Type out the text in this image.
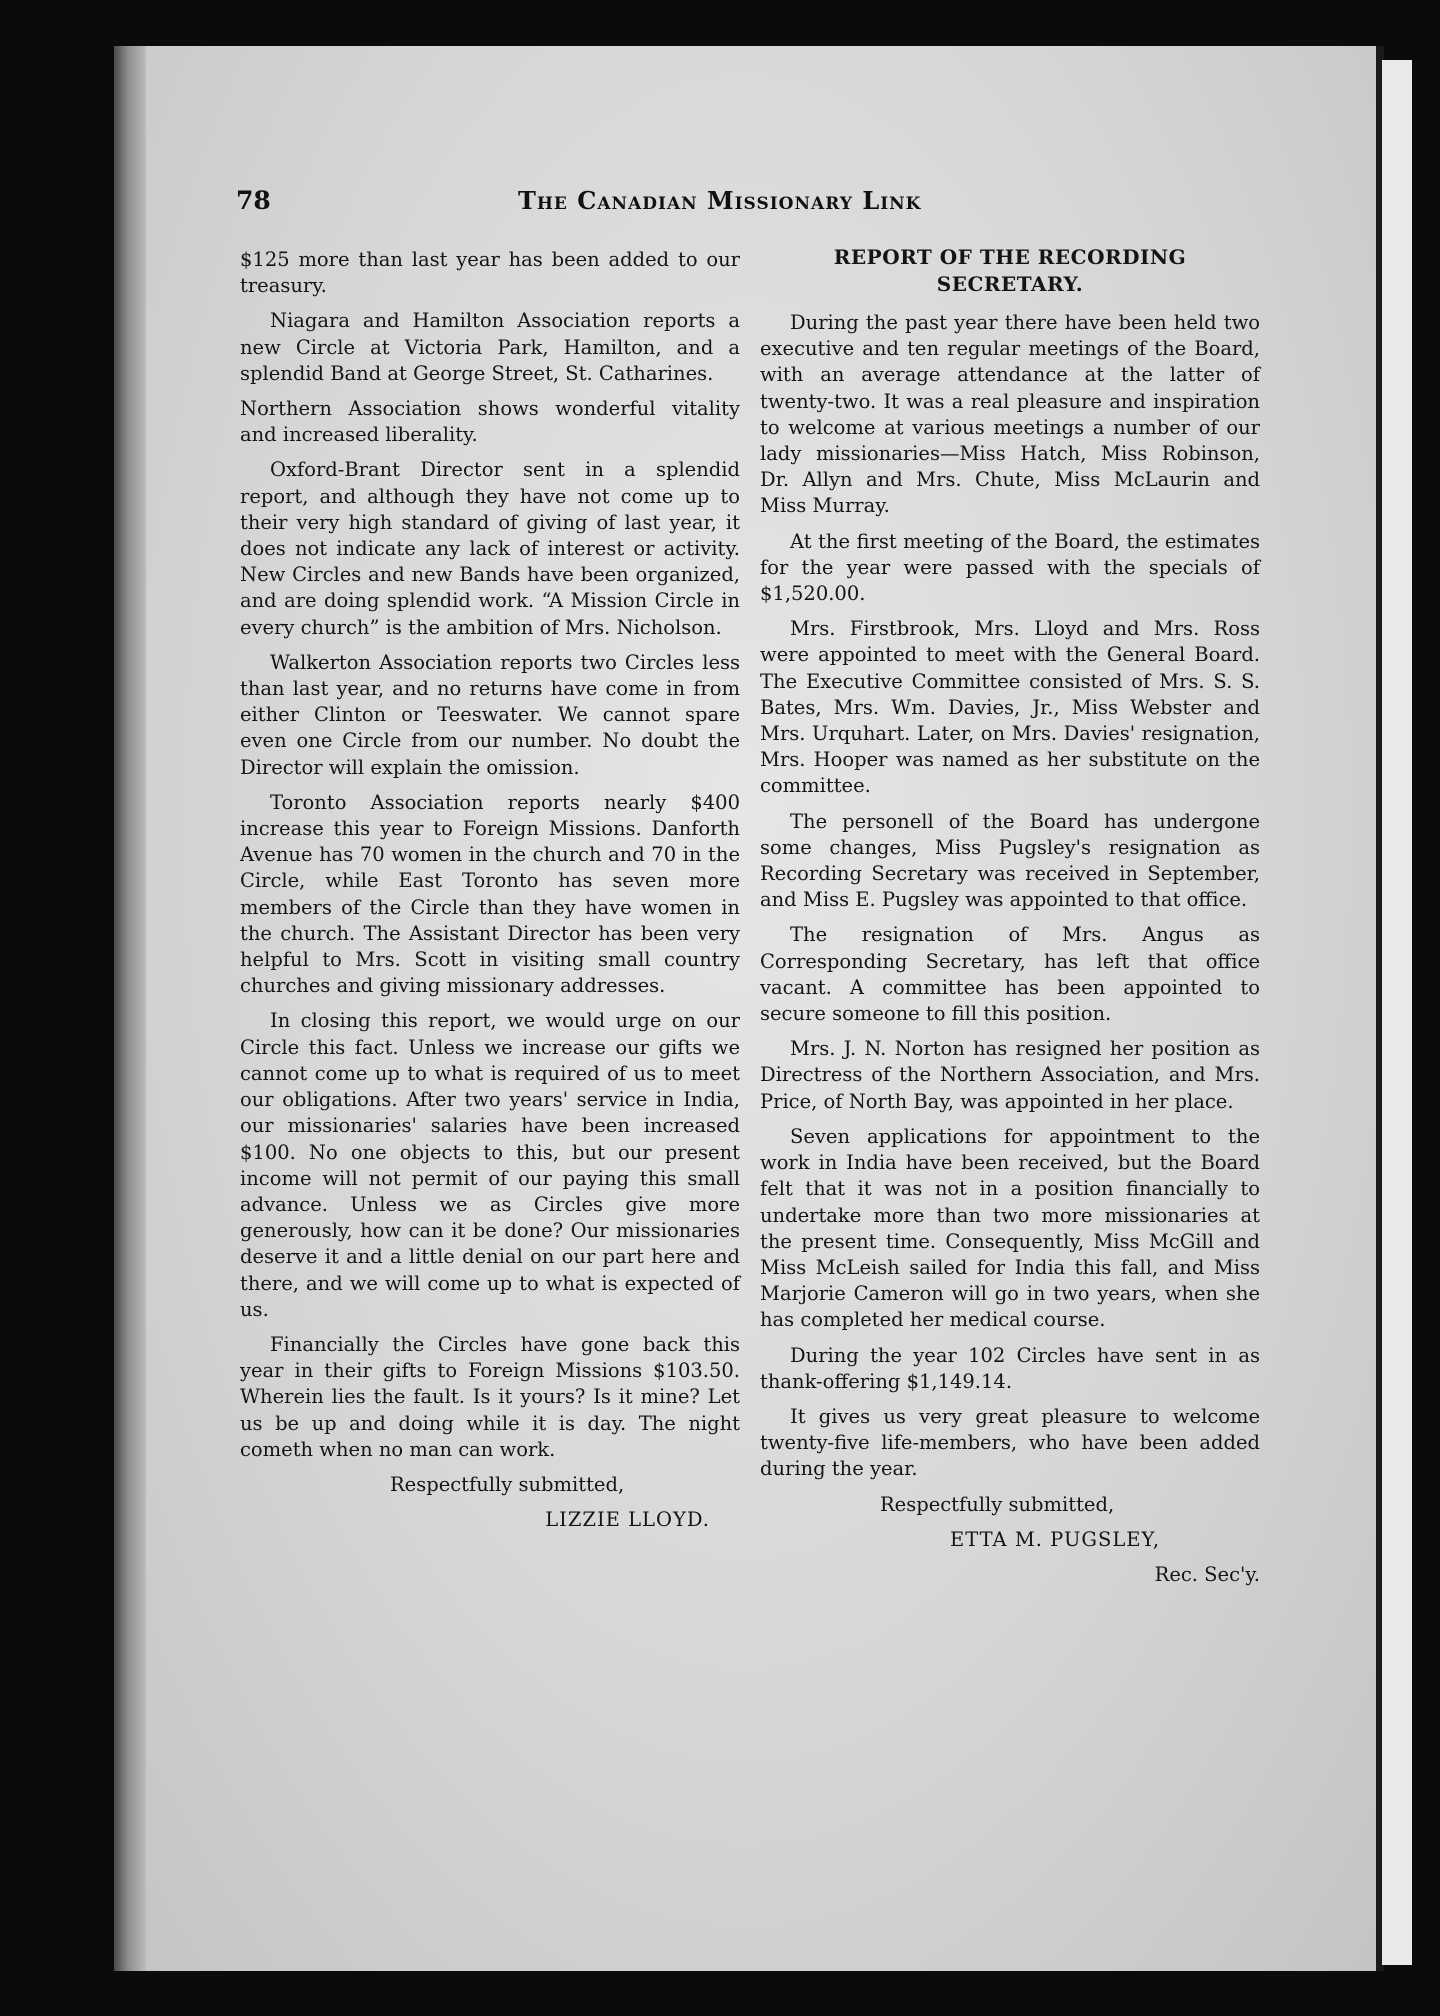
78	The Canadian Missionary Link

$125 more than last year has been added to our treasury.

Niagara and Hamilton Association reports a new Circle at Victoria Park, Hamilton, and a splendid Band at George Street, St. Catharines.

Northern Association shows wonderful vitality and increased liberality.

Oxford-Brant Director sent in a splendid report, and although they have not come up to their very high standard of giving of last year, it does not indicate any lack of interest or activity. New Circles and new Bands have been organized, and are doing splendid work. “A Mission Circle in every church” is the ambition of Mrs. Nicholson.

Walkerton Association reports two Circles less than last year, and no returns have come in from either Clinton or Teeswater. We cannot spare even one Circle from our number. No doubt the Director will explain the omission.

Toronto Association reports nearly $400 increase this year to Foreign Missions. Danforth Avenue has 70 women in the church and 70 in the Circle, while East Toronto has seven more members of the Circle than they have women in the church. The Assistant Director has been very helpful to Mrs. Scott in visiting small country churches and giving missionary addresses.

In closing this report, we would urge on our Circle this fact. Unless we increase our gifts we cannot come up to what is required of us to meet our obligations. After two years' service in India, our missionaries' salaries have been increased $100. No one objects to this, but our present income will not permit of our paying this small advance. Unless we as Circles give more generously, how can it be done? Our missionaries deserve it and a little denial on our part here and there, and we will come up to what is expected of us.

Financially the Circles have gone back this year in their gifts to Foreign Missions $103.50. Wherein lies the fault. Is it yours? Is it mine? Let us be up and doing while it is day. The night cometh when no man can work.

Respectfully submitted,

LIZZIE LLOYD.

REPORT OF THE RECORDING SECRETARY.

During the past year there have been held two executive and ten regular meetings of the Board, with an average attendance at the latter of twenty-two. It was a real pleasure and inspiration to welcome at various meetings a number of our lady missionaries—Miss Hatch, Miss Robinson, Dr. Allyn and Mrs. Chute, Miss McLaurin and Miss Murray.

At the first meeting of the Board, the estimates for the year were passed with the specials of $1,520.00.

Mrs. Firstbrook, Mrs. Lloyd and Mrs. Ross were appointed to meet with the General Board. The Executive Committee consisted of Mrs. S. S. Bates, Mrs. Wm. Davies, Jr., Miss Webster and Mrs. Urquhart. Later, on Mrs. Davies' resignation, Mrs. Hooper was named as her substitute on the committee.

The personell of the Board has undergone some changes, Miss Pugsley's resignation as Recording Secretary was received in September, and Miss E. Pugsley was appointed to that office.

The resignation of Mrs. Angus as Corresponding Secretary, has left that office vacant. A committee has been appointed to secure someone to fill this position.

Mrs. J. N. Norton has resigned her position as Directress of the Northern Association, and Mrs. Price, of North Bay, was appointed in her place.

Seven applications for appointment to the work in India have been received, but the Board felt that it was not in a position financially to undertake more than two more missionaries at the present time. Consequently, Miss McGill and Miss McLeish sailed for India this fall, and Miss Marjorie Cameron will go in two years, when she has completed her medical course.

During the year 102 Circles have sent in as thank-offering $1,149.14.

It gives us very great pleasure to welcome twenty-five life-members, who have been added during the year.

Respectfully submitted,

ETTA M. PUGSLEY,

Rec. Sec'y.
